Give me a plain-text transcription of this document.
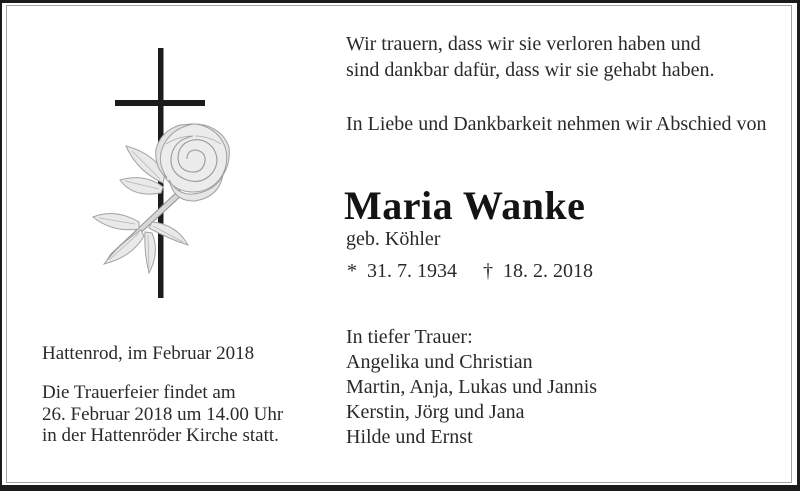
Wir trauern, dass wir sie verloren haben und
sind dankbar dafür, dass wir sie gehabt haben.
In Liebe und Dankbarkeit nehmen wir Abschied von
Maria Wanke
geb. Köhler
* 31. 7. 1934 † 18. 2. 2018
In tiefer Trauer:
Angelika und Christian
Martin, Anja, Lukas und Jannis
Kerstin, Jörg und Jana
Hilde und Ernst
Hattenrod, im Februar 2018
Die Trauerfeier findet am
26. Februar 2018 um 14.00 Uhr
in der Hattenröder Kirche statt.
